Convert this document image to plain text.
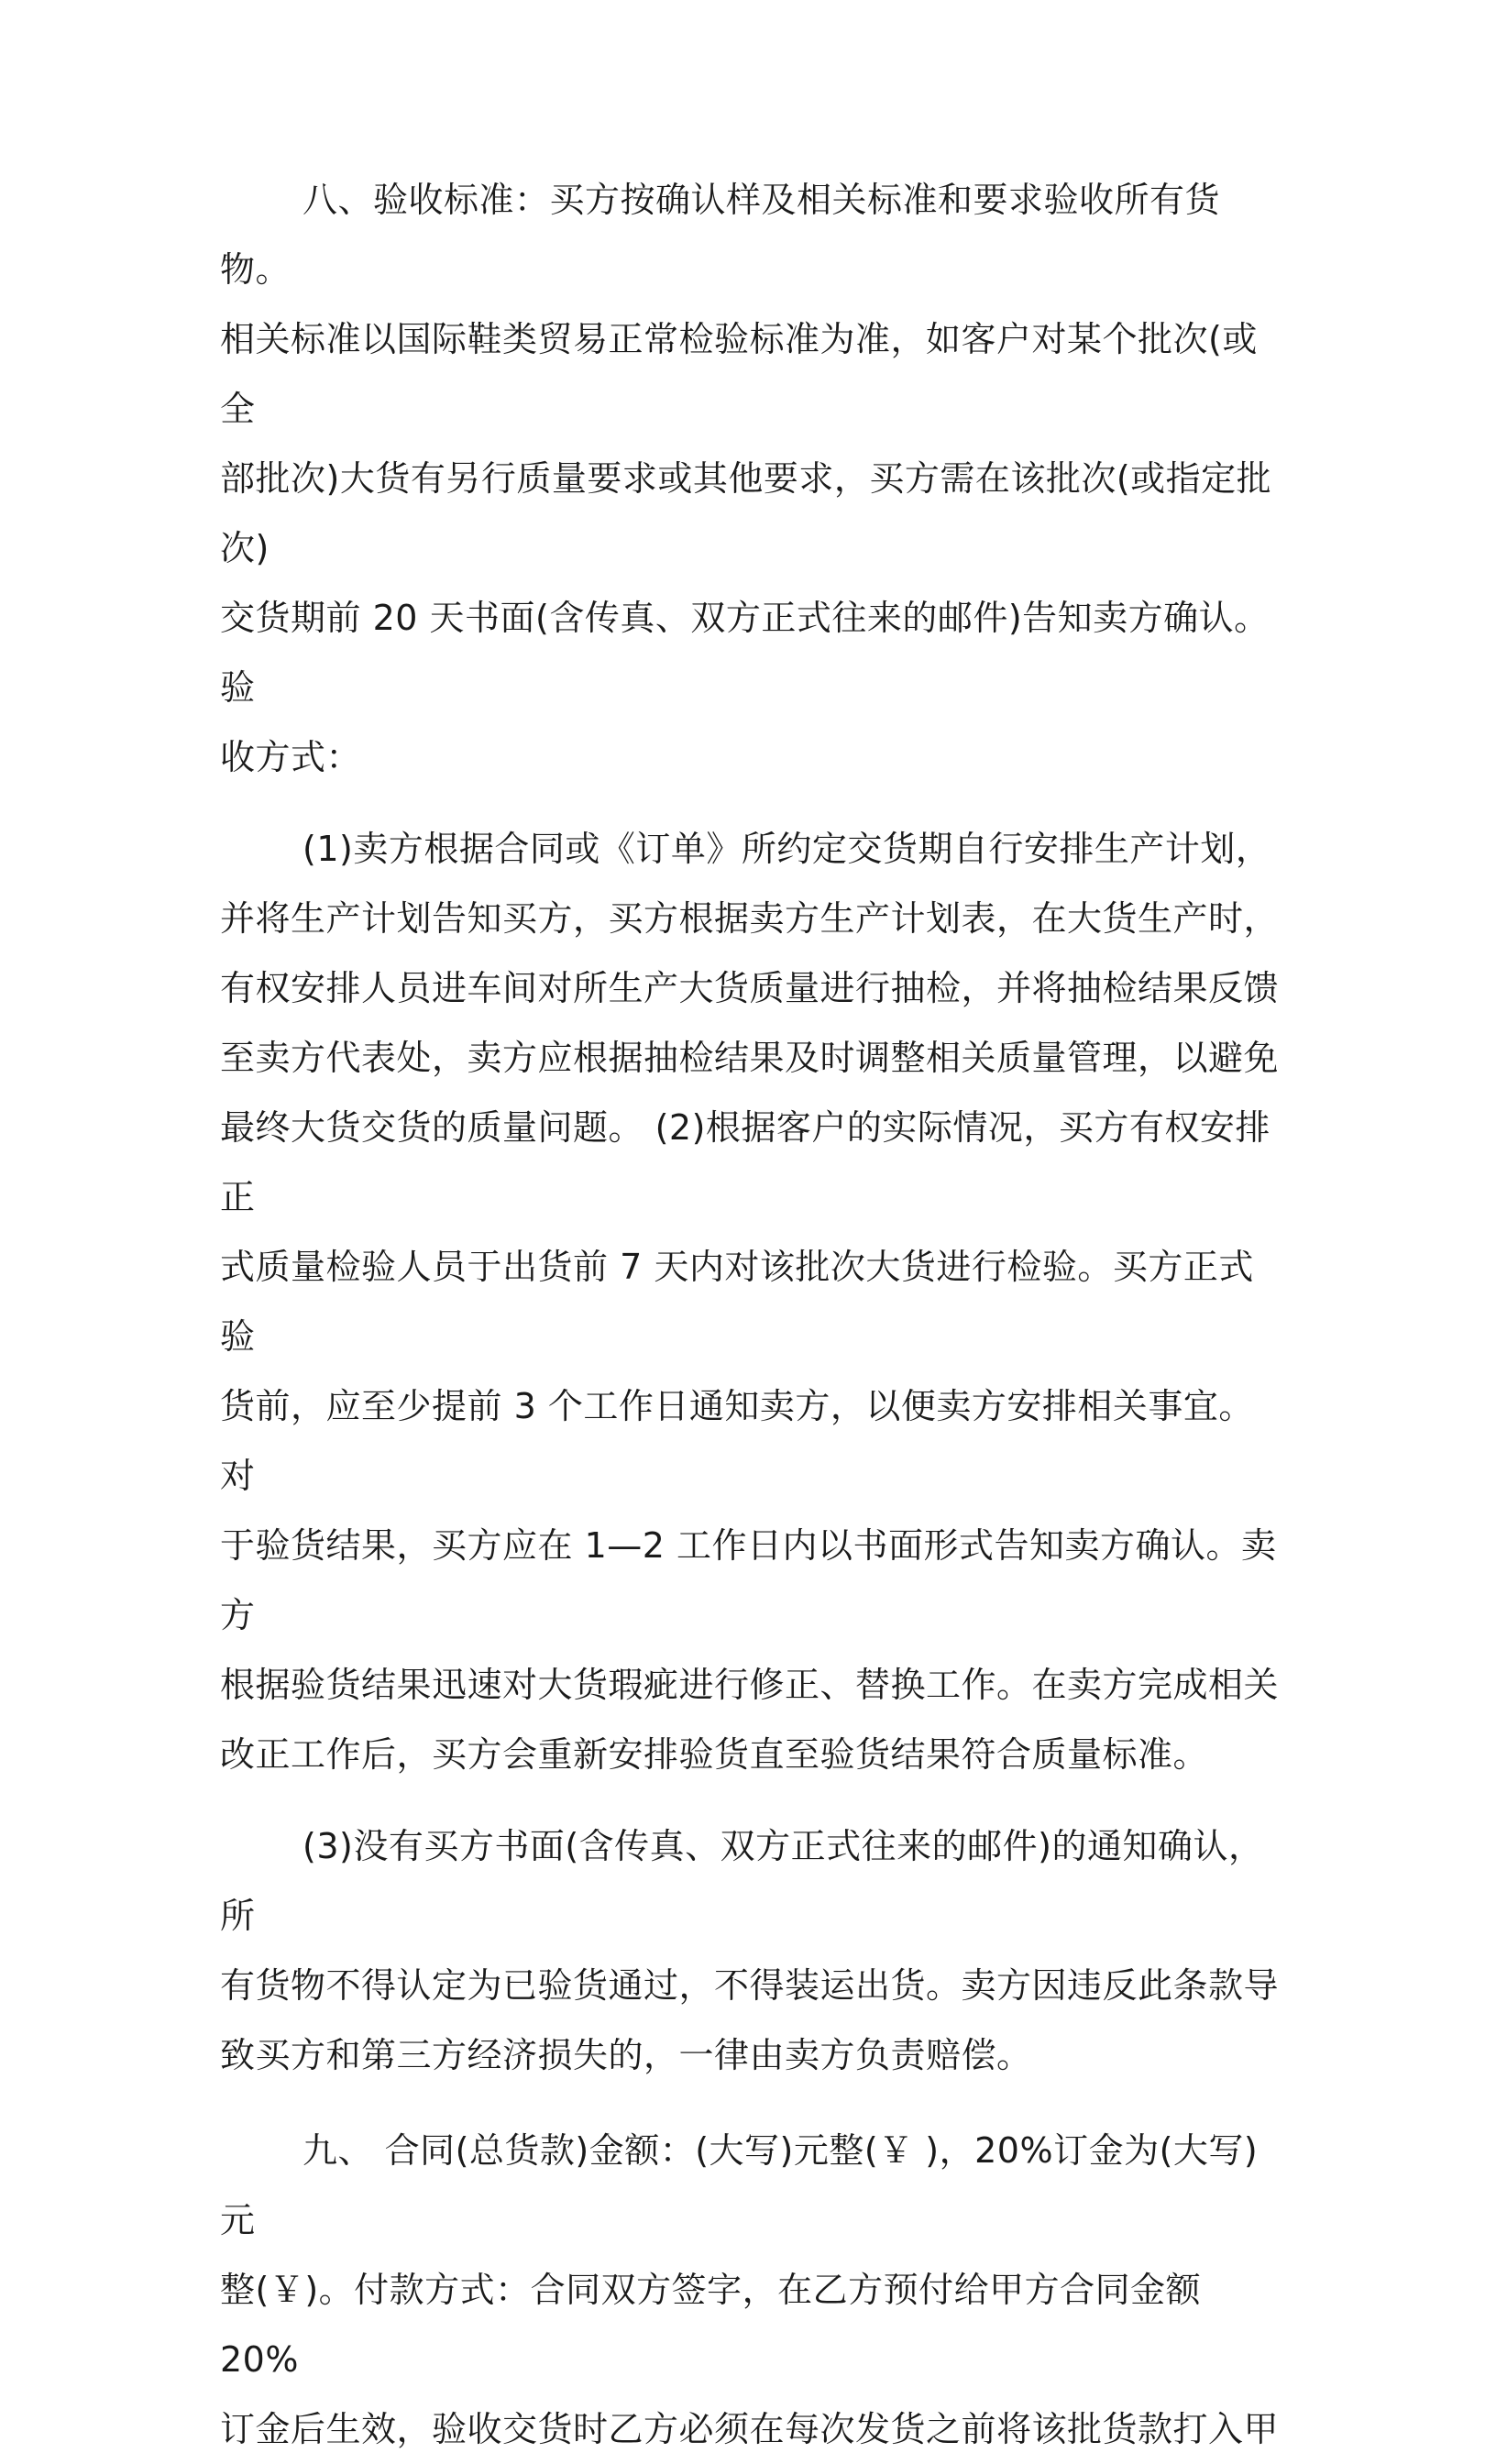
八、验收标准：买方按确认样及相关标准和要求验收所有货物。
相关标准以国际鞋类贸易正常检验标准为准，如客户对某个批次(或全
部批次)大货有另行质量要求或其他要求，买方需在该批次(或指定批次)
交货期前 20 天书面(含传真、双方正式往来的邮件)告知卖方确认。 验
收方式：
(1)卖方根据合同或《订单》所约定交货期自行安排生产计划，
并将生产计划告知买方，买方根据卖方生产计划表，在大货生产时，
有权安排人员进车间对所生产大货质量进行抽检，并将抽检结果反馈
至卖方代表处，卖方应根据抽检结果及时调整相关质量管理，以避免
最终大货交货的质量问题。 (2)根据客户的实际情况，买方有权安排正
式质量检验人员于出货前 7 天内对该批次大货进行检验。买方正式验
货前，应至少提前 3 个工作日通知卖方，以便卖方安排相关事宜。对
于验货结果，买方应在 1—2 工作日内以书面形式告知卖方确认。卖方
根据验货结果迅速对大货瑕疵进行修正、替换工作。在卖方完成相关
改正工作后，买方会重新安排验货直至验货结果符合质量标准。
(3)没有买方书面(含传真、双方正式往来的邮件)的通知确认，所
有货物不得认定为已验货通过，不得装运出货。卖方因违反此条款导
致买方和第三方经济损失的，一律由卖方负责赔偿。
九、 合同(总货款)金额：(大写)元整(￥ )，20%订金为(大写)元
整(￥)。付款方式：合同双方签字，在乙方预付给甲方合同金额 20%
订金后生效，验收交货时乙方必须在每次发货之前将该批货款打入甲
